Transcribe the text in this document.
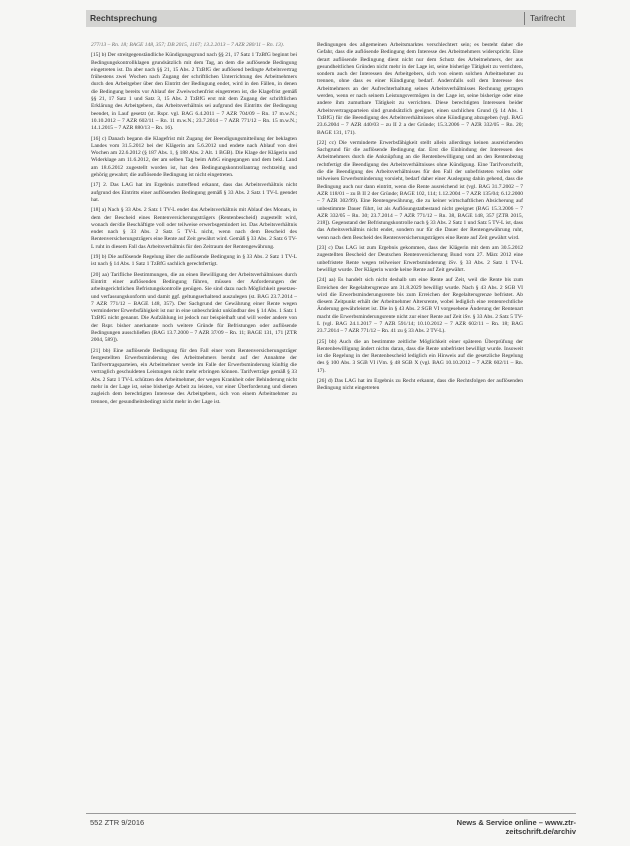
Rechtsprechung	Tarifrecht

277/13 – Rn. 18; BAGE 148, 357; DB 2015, 1167; 13.2.2013 – 7 AZR 280/11 – Rn. 13).

[15] b) Der streitgegenständliche Kündigungsgrund nach §§ 21, 17 Satz 1 TzBfG beginnt bei Bedingungskontrollklagen grundsätzlich mit dem Tag, an dem die auflösende Bedingung eingetreten ist. Da aber nach §§ 21, 15 Abs. 2 TzBfG der auflösend bedingte Arbeitsvertrag frühestens zwei Wochen nach Zugang der schriftlichen Unterrichtung des Arbeitnehmers durch den Arbeitgeber über den Eintritt der Bedingung endet, wird in den Fällen, in denen die Bedingung bereits vor Ablauf der Zweiwochenfrist eingetreten ist, die Klagefrist gemäß §§ 21, 17 Satz 1 und Satz 3, 15 Abs. 2 TzBfG erst mit dem Zugang der schriftlichen Erklärung des Arbeitgebers, das Arbeitsverhältnis sei aufgrund des Eintritts der Bedingung beendet, in Lauf gesetzt (st. Rspr. vgl. BAG 6.4.2011 – 7 AZR 704/09 – Rn. 17 m.w.N.; 10.10.2012 – 7 AZR 602/11 – Rn. 11 m.w.N.; 23.7.2014 – 7 AZR 771/12 – Rn. 15 m.w.N.; 14.1.2015 – 7 AZR 880/13 – Rn. 16).

[16] c) Danach begann die Klagefrist mit Zugang der Beendigungsmitteilung der beklagten Landes vom 31.5.2012 bei der Klägerin am 5.6.2012 und endete nach Ablauf von drei Wochen am 22.6.2012 (§ 187 Abs. 1, § 188 Abs. 2 Alt. 1 BGB). Die Klage der Klägerin und Widerklage am 11.6.2012, der am selben Tag beim ArbG eingegangen und dem bekl. Land am 18.6.2012 zugestellt worden ist, hat den Bedingungskontrollantrag rechtzeitig und gehörig gewahrt; die auflösende Bedingung ist nicht eingetreten.

[17] 2. Das LAG hat im Ergebnis zutreffend erkannt, dass das Arbeitsverhältnis nicht aufgrund des Eintritts einer auflösenden Bedingung gemäß § 33 Abs. 2 Satz 1 TV-L geendet hat.

[18] a) Nach § 33 Abs. 2 Satz 1 TV-L endet das Arbeitsverhältnis mit Ablauf des Monats, in dem der Bescheid eines Rentenversicherungsträgers (Rentenbescheid) zugestellt wird, wonach der/die Beschäftigte voll oder teilweise erwerbsgemindert ist. Das Arbeitsverhältnis endet nach § 33 Abs. 2 Satz 5 TV-L nicht, wenn nach dem Bescheid des Rentenversicherungsträgers eine Rente auf Zeit gewährt wird. Gemäß § 33 Abs. 2 Satz 6 TV-L ruht in diesem Fall das Arbeitsverhältnis für den Zeitraum der Rentengewährung.

[19] b) Die auflösende Regelung über die auflösende Bedingung in § 33 Abs. 2 Satz 1 TV-L ist nach § 14 Abs. 1 Satz 1 TzBfG sachlich gerechtfertigt.

[20] aa) Tarifliche Bestimmungen, die an einen Bewilligung der Arbeitsverhältnisses durch Eintritt einer auflösenden Bedingung führen, müssen der Anforderungen der arbeitsgerichtlichen Befristungskontrolle genügen. Sie sind dazu nach Möglichkeit gesetzes- und verfassungskonform und damit ggf. geltungserhaltend auszulegen (st. BAG 23.7.2014 – 7 AZR 771/12 – BAGE 148, 357). Der Sachgrund der Gewährung einer Rente wegen verminderter Erwerbsfähigkeit ist nur in eine unbeschränkt unkündbar des § 14 Abs. 1 Satz 1 TzBfG nicht genannt. Die Aufzählung ist jedoch nur beispielhaft und will weder andere von der Rspr. bisher anerkannte noch weitere Gründe für Befristungen oder auflösende Bedingungen ausschließen (BAG 13.7.2000 – 7 AZR 37/09 – Rn. 11; BAGE 131, 171 [ZTR 2004, 589]).

[21] bb) Eine auflösende Bedingung für den Fall einer vom Rentenversicherungsträger festgestellten Erwerbsminderung des Arbeitnehmers beruht auf der Annahme der Tarifvertragsparteien, ein Arbeitnehmer werde im Falle der Erwerbsminderung künftig die vertraglich geschuldeten Leistungen nicht mehr erbringen können. Tarifverträge gemäß § 33 Abs. 2 Satz 1 TV-L schützen den Arbeitnehmer, der wegen Krankheit oder Behinderung nicht mehr in der Lage ist, seine bisherige Arbeit zu leisten, vor einer Überforderung und dienen zugleich dem berechtigten Interesse des Arbeitgebers, sich von einem Arbeitnehmer zu trennen, der gesundheitsbedingt nicht mehr in der Lage ist.

Bedingungen des allgemeinen Arbeitsmarktes verschlechtert sein; es besteht daher die Gefahr, dass die auflösende Bedingung dem Interesse des Arbeitnehmers widerspricht. Eine derart auflösende Bedingung dient nicht nur dem Schutz des Arbeitnehmers, der aus gesundheitlichen Gründen nicht mehr in der Lage ist, seine bisherige Tätigkeit zu verrichten, sondern auch der Interessen des Arbeitgebers, sich von einem solchen Arbeitnehmer zu trennen, ohne dass es einer Kündigung bedarf. Andernfalls soll dem Interesse des Arbeitnehmers an der Aufrechterhaltung seines Arbeitsverhältnisses Rechnung getragen werden, wenn er nach seinem Leistungsvermögen in der Lage ist, seine bisherige oder eine andere ihm zumutbare Tätigkeit zu verrichten. Diese berechtigten Interessen beider Arbeitsvertragsparteien sind grundsätzlich geeignet, einen sachlichen Grund (§ 14 Abs. 1 TzBfG) für die Beendigung des Arbeitsverhältnisses ohne Kündigung abzugeben (vgl. BAG 23.6.2004 – 7 AZR 440/03 – zu II 2 a der Gründe; 15.3.2006 – 7 AZR 332/05 – Rn. 20; BAGE 131, 171).

[22] cc) Die verminderte Erwerbsfähigkeit stellt allein allerdings keinen ausreichenden Sachgrund für die auflösende Bedingung dar. Erst die Einbindung der Interessen des Arbeitnehmers durch die Anknüpfung an die Rentenbewilligung und an den Rentenbezug rechtfertigt die Beendigung des Arbeitsverhältnisses ohne Kündigung. Eine Tarifvorschrift, die die Beendigung des Arbeitsverhältnisses für den Fall der unbefristeten vollen oder teilweisen Erwerbsminderung vorsieht, bedarf daher einer Auslegung dahin gehend, dass die Bedingung auch nur dann eintritt, wenn die Rente ausreichend ist (vgl. BAG 31.7.2002 – 7 AZR 118/01 – zu B II 2 der Gründe; BAGE 102, 114; 1.12.2004 – 7 AZR 135/04; 6.12.2000 – 7 AZR 302/99). Eine Rentengewährung, die zu keiner wirtschaftlichen Absicherung auf unbestimmte Dauer führt, ist als Auflösungstatbestand nicht geeignet (BAG 15.3.2006 – 7 AZR 332/05 – Rn. 30; 23.7.2014 – 7 AZR 771/12 – Rn. 38, BAGE 148, 357 [ZTR 2015, 218]). Gegenstand der Befristungskontrolle nach § 33 Abs. 2 Satz 1 und Satz 5 TV-L ist, dass das Arbeitsverhältnis nicht endet, sondern nur für die Dauer der Rentengewährung ruht, wenn nach dem Bescheid des Rentenversicherungsträgers eine Rente auf Zeit gewährt wird.

[23] c) Das LAG ist zum Ergebnis gekommen, dass der Klägerin mit dem am 30.5.2012 zugestellten Bescheid der Deutschen Rentenversicherung Bund vom 27. März 2012 eine unbefristete Rente wegen teilweiser Erwerbsminderung iSv. § 33 Abs. 2 Satz 1 TV-L bewilligt wurde. Der Klägerin wurde keine Rente auf Zeit gewährt.

[24] aa) Es handelt sich nicht deshalb um eine Rente auf Zeit, weil die Rente bis zum Erreichen der Regelaltersgrenze am 31.8.2029 bewilligt wurde. Nach § 43 Abs. 2 SGB VI wird die Erwerbsminderungsrente bis zum Erreichen der Regelaltersgrenze befristet. Ab diesem Zeitpunkt erhält der Arbeitnehmer Altersrente, wobei lediglich eine rentenrechtliche Änderung gewährleistet ist. Die in § 43 Abs. 2 SGB VI vorgesehene Änderung der Rentenart macht die Erwerbsminderungsrente nicht zur einer Rente auf Zeit iSv. § 33 Abs. 2 Satz 5 TV-L (vgl. BAG 24.1.2017 – 7 AZR 591/14; 10.10.2012 – 7 AZR 602/11 – Rn. 18; BAG 23.7.2014 – 7 AZR 771/12 – Rn. 41 zu § 33 Abs. 2 TV-L).

[25] bb) Auch die an bestimmte zeitliche Möglichkeit einer späteren Überprüfung der Rentenbewilligung ändert nichts daran, dass die Rente unbefristet bewilligt wurde. Insoweit ist die Regelung in der Rentenbescheid lediglich ein Hinweis auf die gesetzliche Regelung des § 100 Abs. 3 SGB VI iVm. § 48 SGB X (vgl. BAG 10.10.2012 – 7 AZR 602/11 – Rn. 17).

[26] d) Das LAG hat im Ergebnis zu Recht erkannt, dass die Rechtsfolgen der auflösenden Bedingung nicht eingetreten

552 ZTR 9/2016	News & Service online – www.ztr-zeitschrift.de/archiv
